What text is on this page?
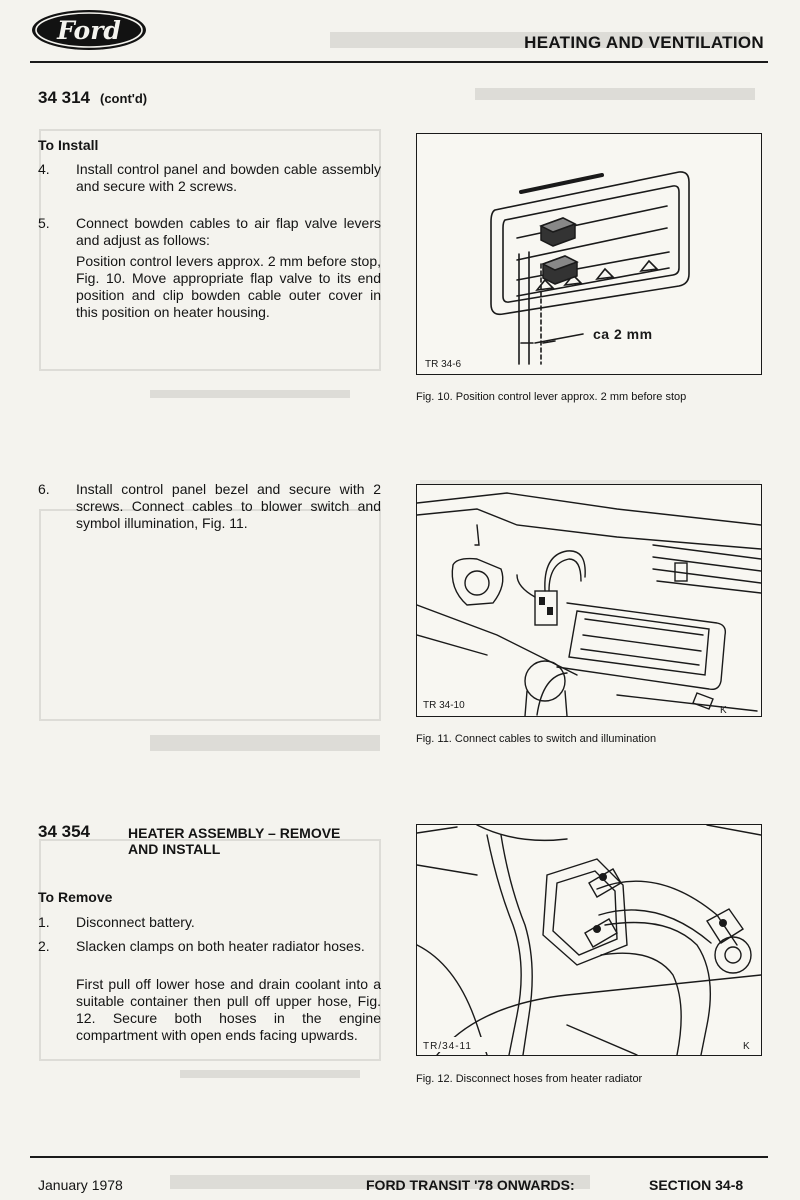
Ford	HEATING AND VENTILATION
34 314 (cont'd)
To Install
4. Install control panel and bowden cable assembly and secure with 2 screws.
5. Connect bowden cables to air flap valve levers and adjust as follows:
Position control levers approx. 2 mm before stop, Fig. 10. Move appropriate flap valve to its end position and clip bowden cable outer cover in this position on heater housing.
TR 34-6
ca 2 mm
Fig. 10. Position control lever approx. 2 mm before stop
6. Install control panel bezel and secure with 2 screws. Connect cables to blower switch and symbol illumination, Fig. 11.
TR 34-10	K
Fig. 11. Connect cables to switch and illumination
34 354	HEATER ASSEMBLY – REMOVE
AND INSTALL
To Remove
1. Disconnect battery.
2. Slacken clamps on both heater radiator hoses.
First pull off lower hose and drain coolant into a suitable container then pull off upper hose, Fig. 12. Secure both hoses in the engine compartment with open ends facing upwards.
TR/34-11	K
Fig. 12. Disconnect hoses from heater radiator
January 1978	FORD TRANSIT '78 ONWARDS:	SECTION 34-8
